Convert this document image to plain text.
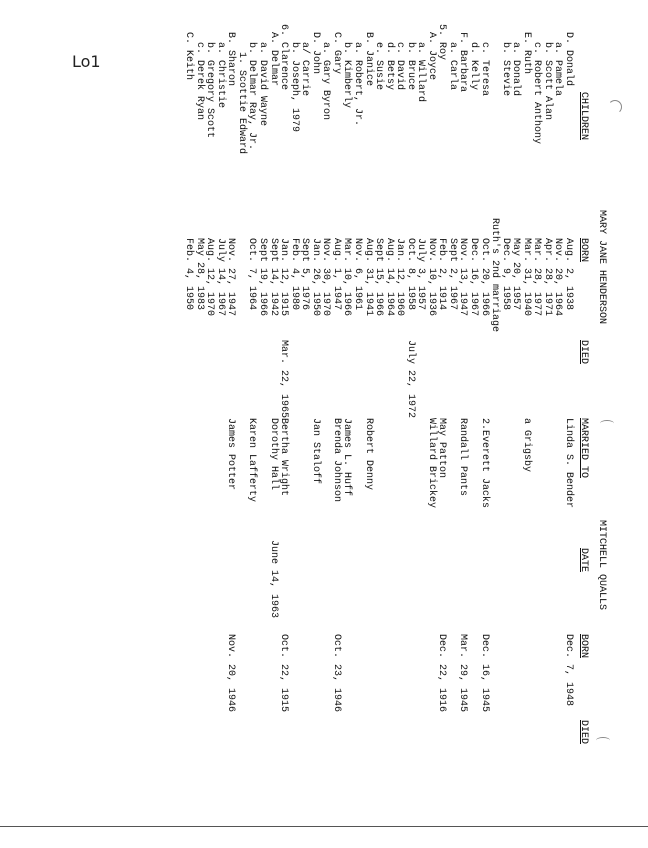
Lo1
MARY JANE HENDERSON
MITCHELL QUALLS
CHILDREN
BORN
DIED
MARRIED TO
DATE
BORN
DIED
D. Donald
Aug. 2, 1938
Linda S. Bender
Dec. 7, 1948
a. Pamela
Nov. 20, 1964
b. Scott Alan
Apr. 28, 1971
c. Robert Anthony
Mar. 28, 1977
E. Ruth
Mar. 31, 1940
a Grigsby
a. Donald
May 20, 1957
b. Stevie
Dec. 9, 1958
Ruth's 2nd marriage
c. Teresa
Oct. 20, 1966
2.Everett Jacks
Dec. 16, 1945
d. Kelly
Dec. 16, 1967
F. Barbara
Nov. 13, 1947
Randall Pants
Mar. 29, 1945
a. Carla
Sept 2, 1967
5. Roy
Feb. 2, 1914
May Patton
Dec. 22, 1916
A. Joyce
Nov. 10, 1936
Willard Brickey
a. Willard
July 3, 1957
b. Bruce
Oct. 8, 1958
July 22, 1972
c. David
Jan. 12, 1960
d. Betsy
Aug. 14, 1964
e. Susie
Sept 15, 1966
B. Janice
Aug. 31, 1941
Robert Denny
a. Robert, Jr.
Nov. 6, 1961
b. Kimberly
Mar. 10, 1966
James L. Huff
C. Gary
Aug. 1, 1947
Brenda Johnson
Oct. 23, 1946
a. Gary Byron
Nov. 30, 1970
D. John
Jan. 26, 1950
Jan Staloff
a/ Carrie
Sept 5, 1976
b. Joseph, 1979
Feb. 4, 1980
6. Clarence
Jan. 12, 1915
Mar. 22, 1965
Bertha Wright
Oct. 22, 1915
A. Delmar
Sept 14, 1942
Dorothy Hall
June 14, 1963
a. David Wayne
Sept 19, 1966
b. Delmar Ray, Jr.
Oct. 7, 1964
Karen Lafferty
1. Scottie Edward
B. Sharon
Nov. 27, 1947
James Potter
Nov. 20, 1946
a. Christie
July 14, 1967
b. Gregory Scott
Aug. 12, 1970
c. Derek Ryan
May 28, 1983
C. Keith
Feb. 4, 1950
